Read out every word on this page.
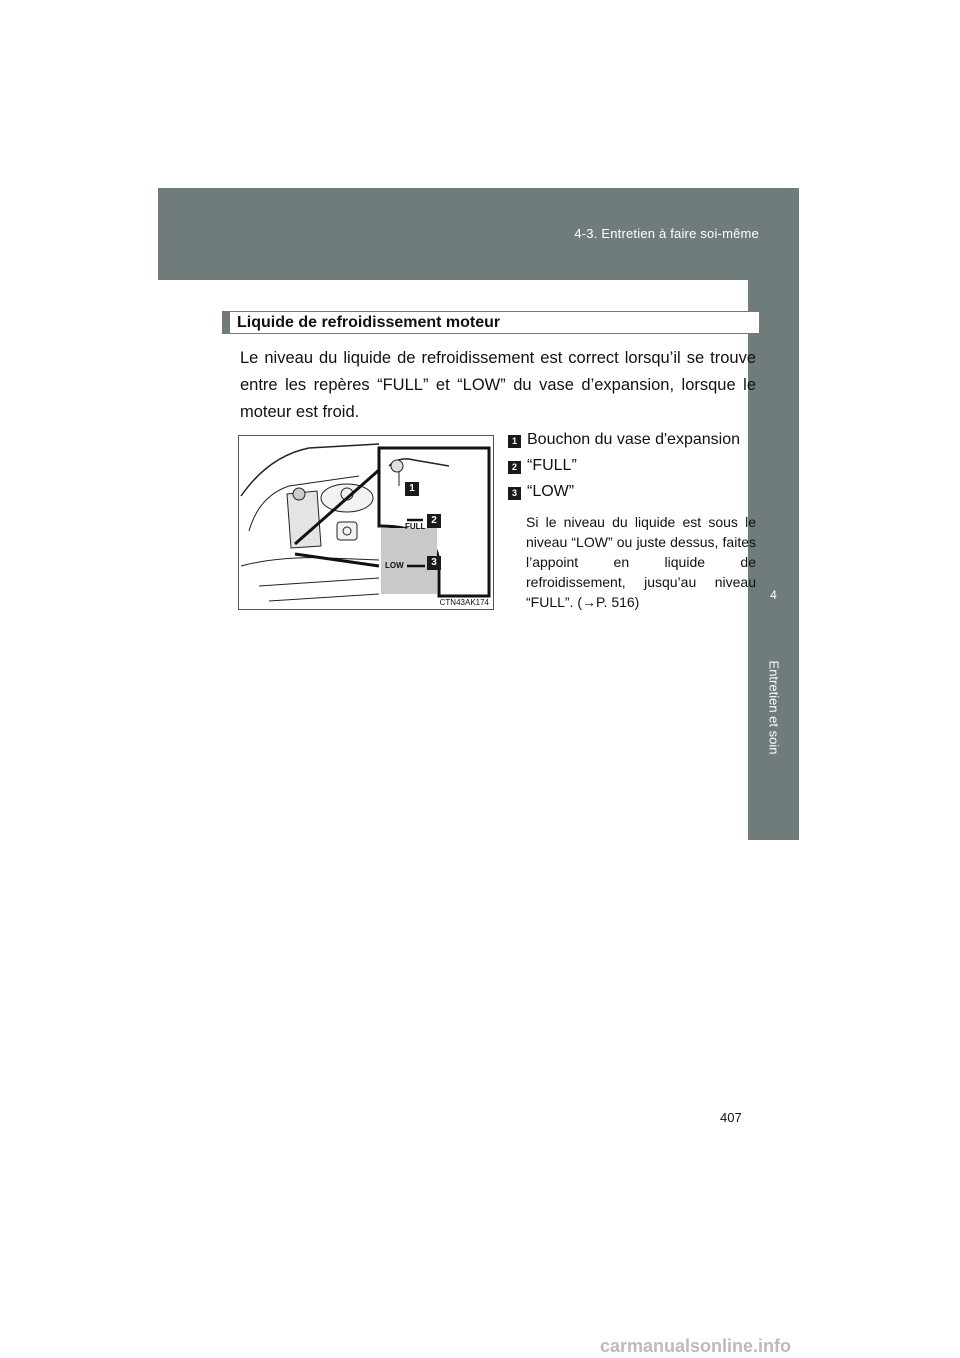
4-3. Entretien à faire soi-même
4
Entretien et soin
Liquide de refroidissement moteur
Le niveau du liquide de refroidissement est correct lorsqu’il se trouve entre les repères “FULL” et “LOW” du vase d’expansion, lorsque le moteur est froid.
1
2
3
FULL
LOW
CTN43AK174
1 Bouchon du vase d'expansion
2 “FULL”
3 “LOW”
Si le niveau du liquide est sous le niveau “LOW” ou juste dessus, faites l’appoint en liquide de refroidissement, jusqu’au niveau “FULL”. (→P. 516)
407
carmanualsonline.info
